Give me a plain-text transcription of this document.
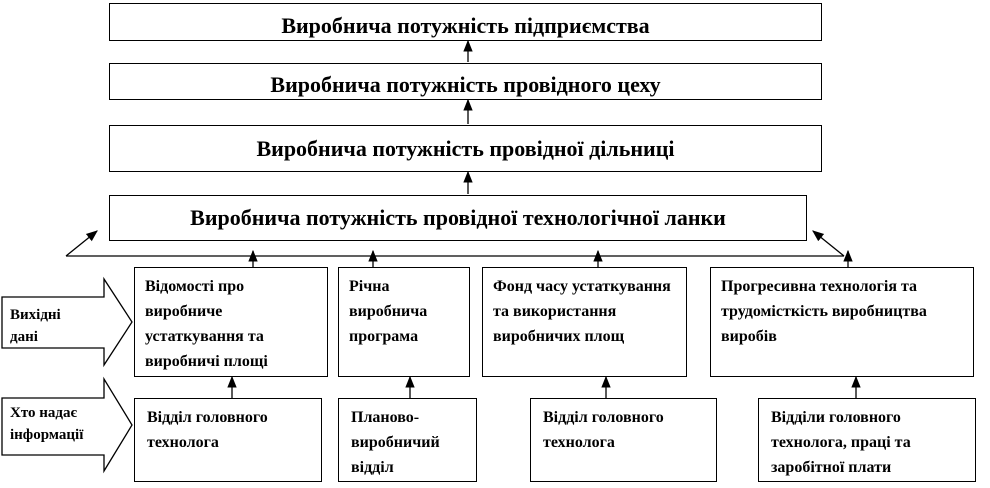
Виробнича потужність підприємства
Виробнича потужність провідного цеху
Виробнича потужність провідної дільниці
Виробнича потужність провідної технологічної ланки
Вихідні дані
Хто надає інформації
Відомості про виробниче устаткування та виробничі площі
Річна виробнича програма
Фонд часу устаткування та використання виробничих площ
Прогресивна технологія та трудомісткість виробництва виробів
Відділ головного технолога
Планово-виробничий відділ
Відділ головного технолога
Відділи головного технолога, праці та заробітної плати
